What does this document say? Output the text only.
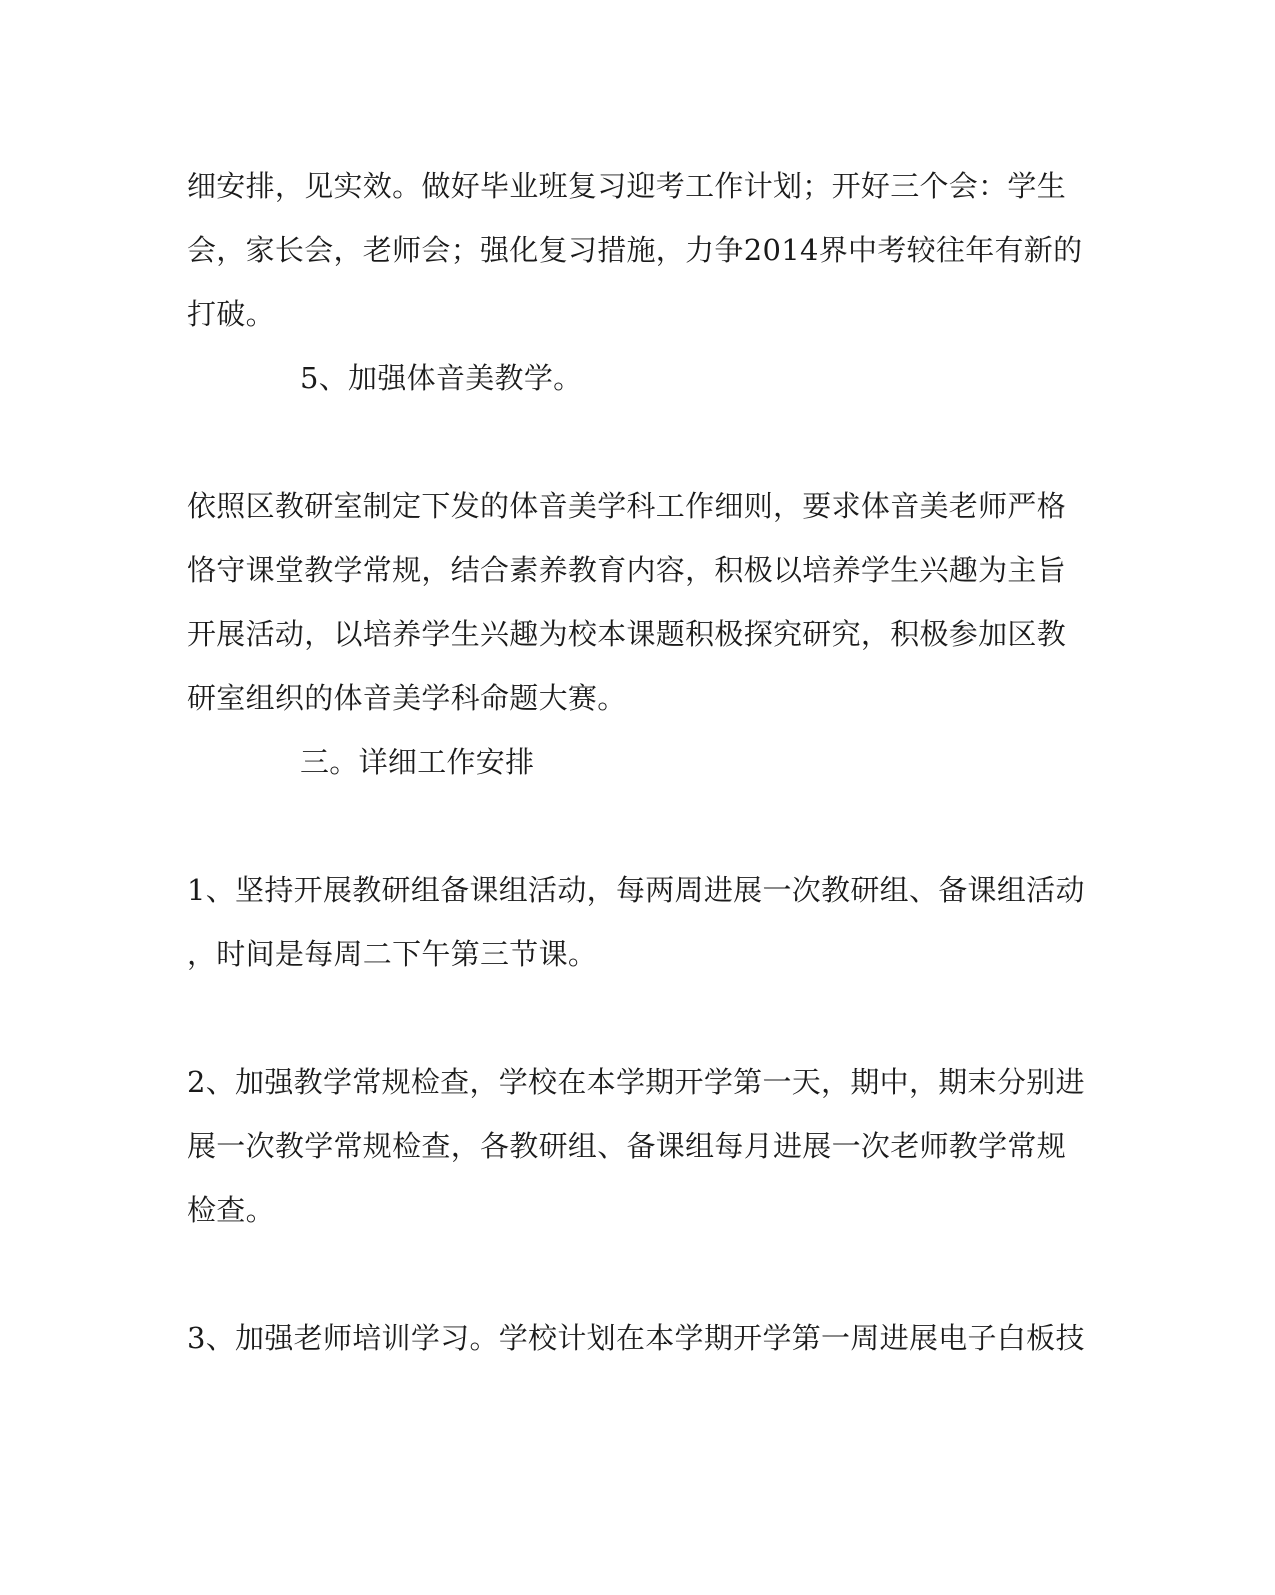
细安排，见实效。做好毕业班复习迎考工作计划；开好三个会：学生
会，家长会，老师会；强化复习措施，力争2014界中考较往年有新的
打破。
5、加强体音美教学。
依照区教研室制定下发的体音美学科工作细则，要求体音美老师严格
恪守课堂教学常规，结合素养教育内容，积极以培养学生兴趣为主旨
开展活动，以培养学生兴趣为校本课题积极探究研究，积极参加区教
研室组织的体音美学科命题大赛。
三。详细工作安排
1、坚持开展教研组备课组活动，每两周进展一次教研组、备课组活动
，时间是每周二下午第三节课。
2、加强教学常规检查，学校在本学期开学第一天，期中，期末分别进
展一次教学常规检查，各教研组、备课组每月进展一次老师教学常规
检查。
3、加强老师培训学习。学校计划在本学期开学第一周进展电子白板技
